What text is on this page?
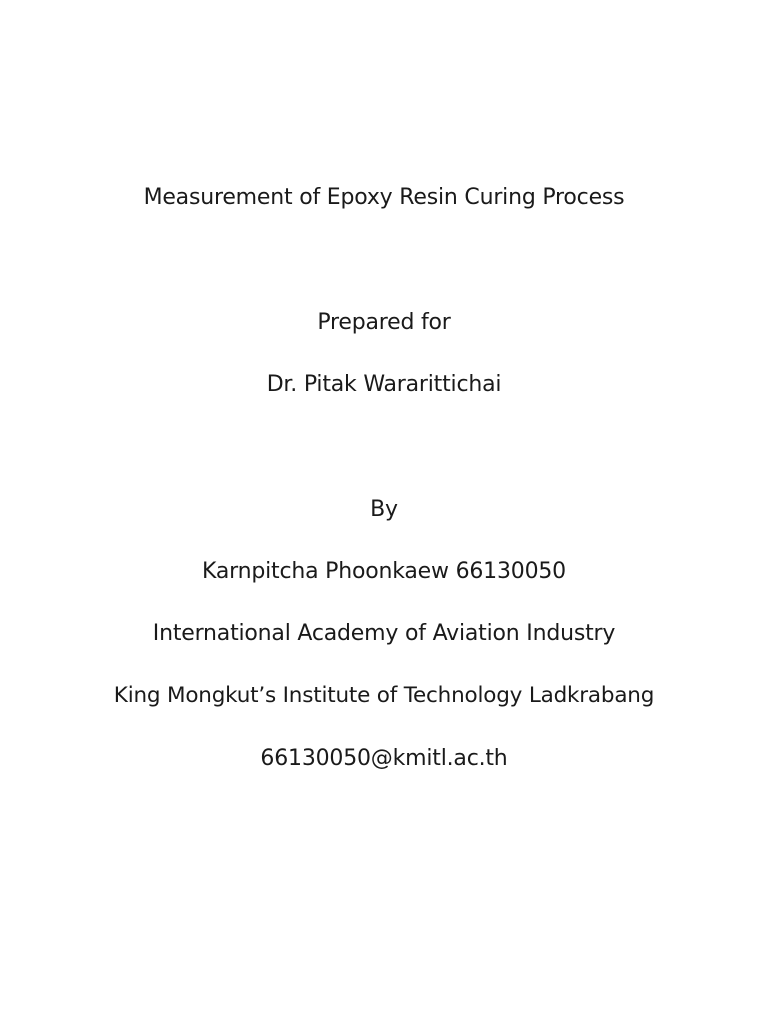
Measurement of Epoxy Resin Curing Process
Prepared for
Dr. Pitak Wararittichai
By
Karnpitcha Phoonkaew 66130050
International Academy of Aviation Industry
King Mongkut’s Institute of Technology Ladkrabang
66130050@kmitl.ac.th
